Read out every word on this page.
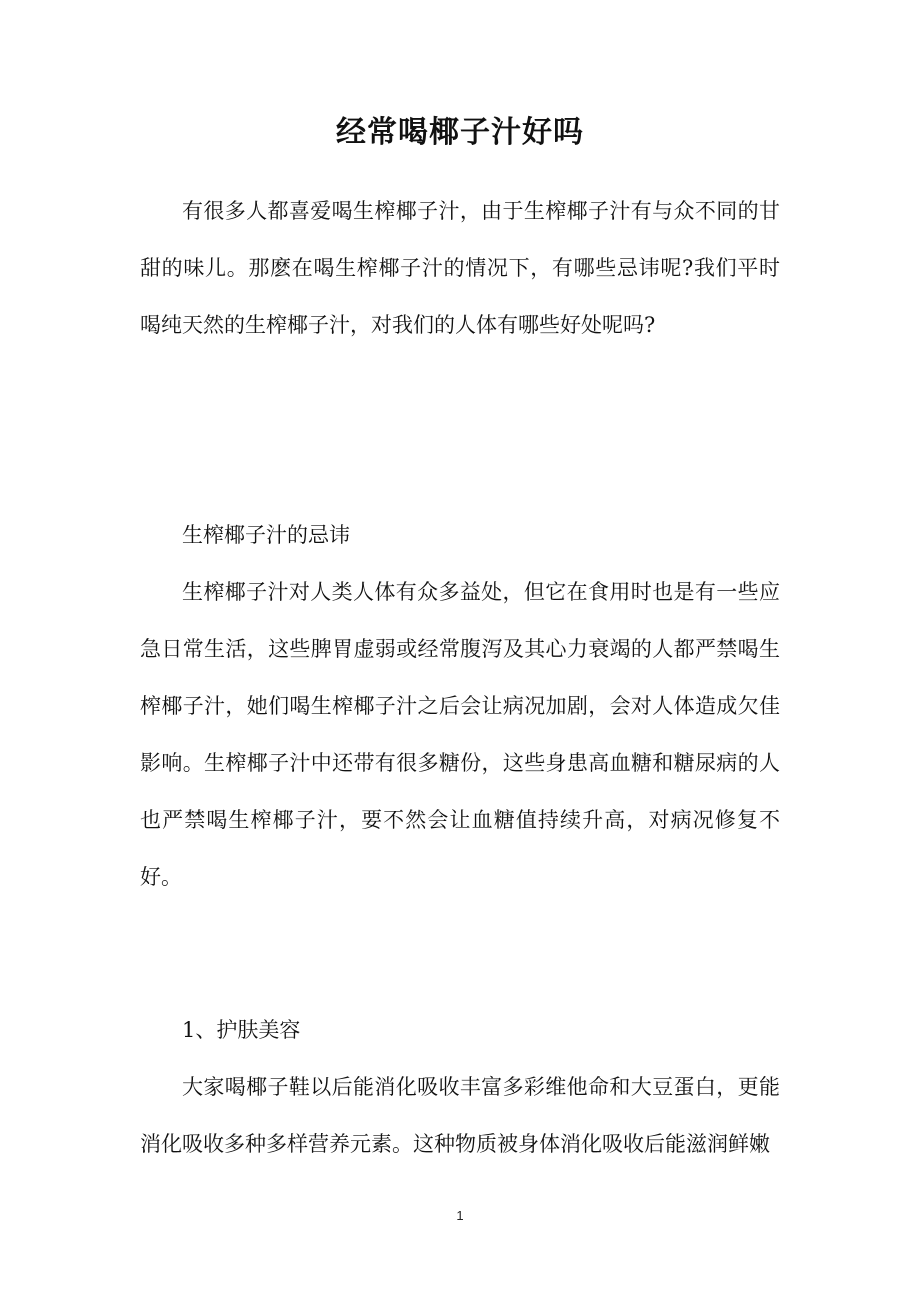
经常喝椰子汁好吗

有很多人都喜爱喝生榨椰子汁，由于生榨椰子汁有与众不同的甘甜的味儿。那麽在喝生榨椰子汁的情况下，有哪些忌讳呢?我们平时喝纯天然的生榨椰子汁，对我们的人体有哪些好处呢吗?

生榨椰子汁的忌讳

生榨椰子汁对人类人体有众多益处，但它在食用时也是有一些应急日常生活，这些脾胃虚弱或经常腹泻及其心力衰竭的人都严禁喝生榨椰子汁，她们喝生榨椰子汁之后会让病况加剧，会对人体造成欠佳影响。生榨椰子汁中还带有很多糖份，这些身患高血糖和糖尿病的人也严禁喝生榨椰子汁，要不然会让血糖值持续升高，对病况修复不好。

1、护肤美容

大家喝椰子鞋以后能消化吸收丰富多彩维他命和大豆蛋白，更能消化吸收多种多样营养元素。这种物质被身体消化吸收后能滋润鲜嫩

1
